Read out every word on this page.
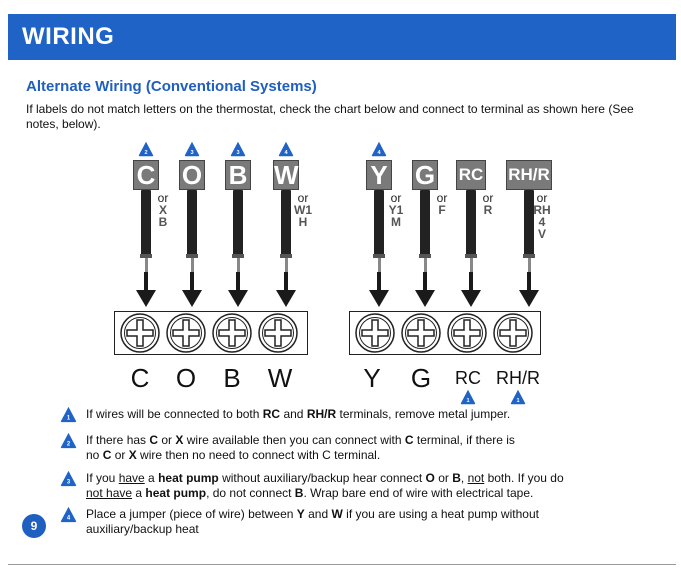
WIRING
Alternate Wiring (Conventional Systems)
If labels do not match letters on the thermostat, check the chart below and connect to terminal as shown here (See notes, below).
2
C
or
X
B
3
O
3
B
4
W
or
W1
H
4
Y
or
Y1
M
G
or
F
RC
or
R
RH/R
or
RH
4
V
C	O	B	W	Y	G	RC
1
RH/R
1
1 If wires will be connected to both RC and RH/R terminals, remove metal jumper.
2 If there has C or X wire available then you can connect with C terminal, if there is
no C or X wire then no need to connect with C terminal.
3 If you have a heat pump without auxiliary/backup hear connect O or B, not both. If you do
not have a heat pump, do not connect B. Wrap bare end of wire with electrical tape.
4 Place a jumper (piece of wire) between Y and W if you are using a heat pump without
auxiliary/backup heat
9
